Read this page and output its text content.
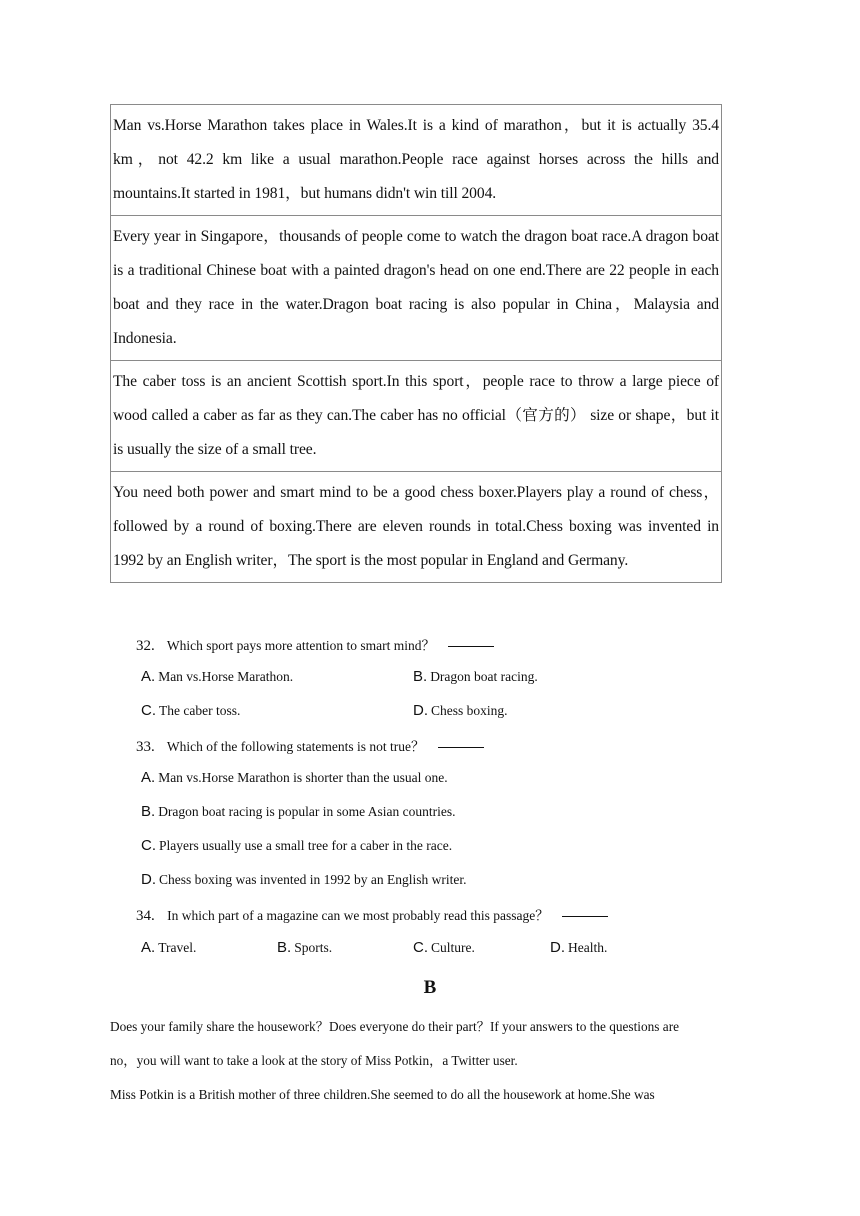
Man vs.Horse Marathon takes place in Wales.It is a kind of marathon，but it is actually 35.4 km，not 42.2 km like a usual marathon.People race against horses across the hills and mountains.It started in 1981，but humans didn't win till 2004.
Every year in Singapore，thousands of people come to watch the dragon boat race.A dragon boat is a traditional Chinese boat with a painted dragon's head on one end.There are 22 people in each boat and they race in the water.Dragon boat racing is also popular in China，Malaysia and Indonesia.
The caber toss is an ancient Scottish sport.In this sport，people race to throw a large piece of wood called a caber as far as they can.The caber has no official（官方的） size or shape，but it is usually the size of a small tree.
You need both power and smart mind to be a good chess boxer.Players play a round of chess，followed by a round of boxing.There are eleven rounds in total.Chess boxing was invented in 1992 by an English writer，The sport is the most popular in England and Germany.
32. Which sport pays more attention to smart mind？
A. Man vs.Horse Marathon.	B. Dragon boat racing.
C. The caber toss.	D. Chess boxing.
33. Which of the following statements is not true？
A. Man vs.Horse Marathon is shorter than the usual one.
B. Dragon boat racing is popular in some Asian countries.
C. Players usually use a small tree for a caber in the race.
D. Chess boxing was invented in 1992 by an English writer.
34. In which part of a magazine can we most probably read this passage？
A. Travel.	B. Sports.	C. Culture.	D. Health.
B
Does your family share the housework？Does everyone do their part？If your answers to the questions are
no，you will want to take a look at the story of Miss Potkin，a Twitter user.
Miss Potkin is a British mother of three children.She seemed to do all the housework at home.She was
